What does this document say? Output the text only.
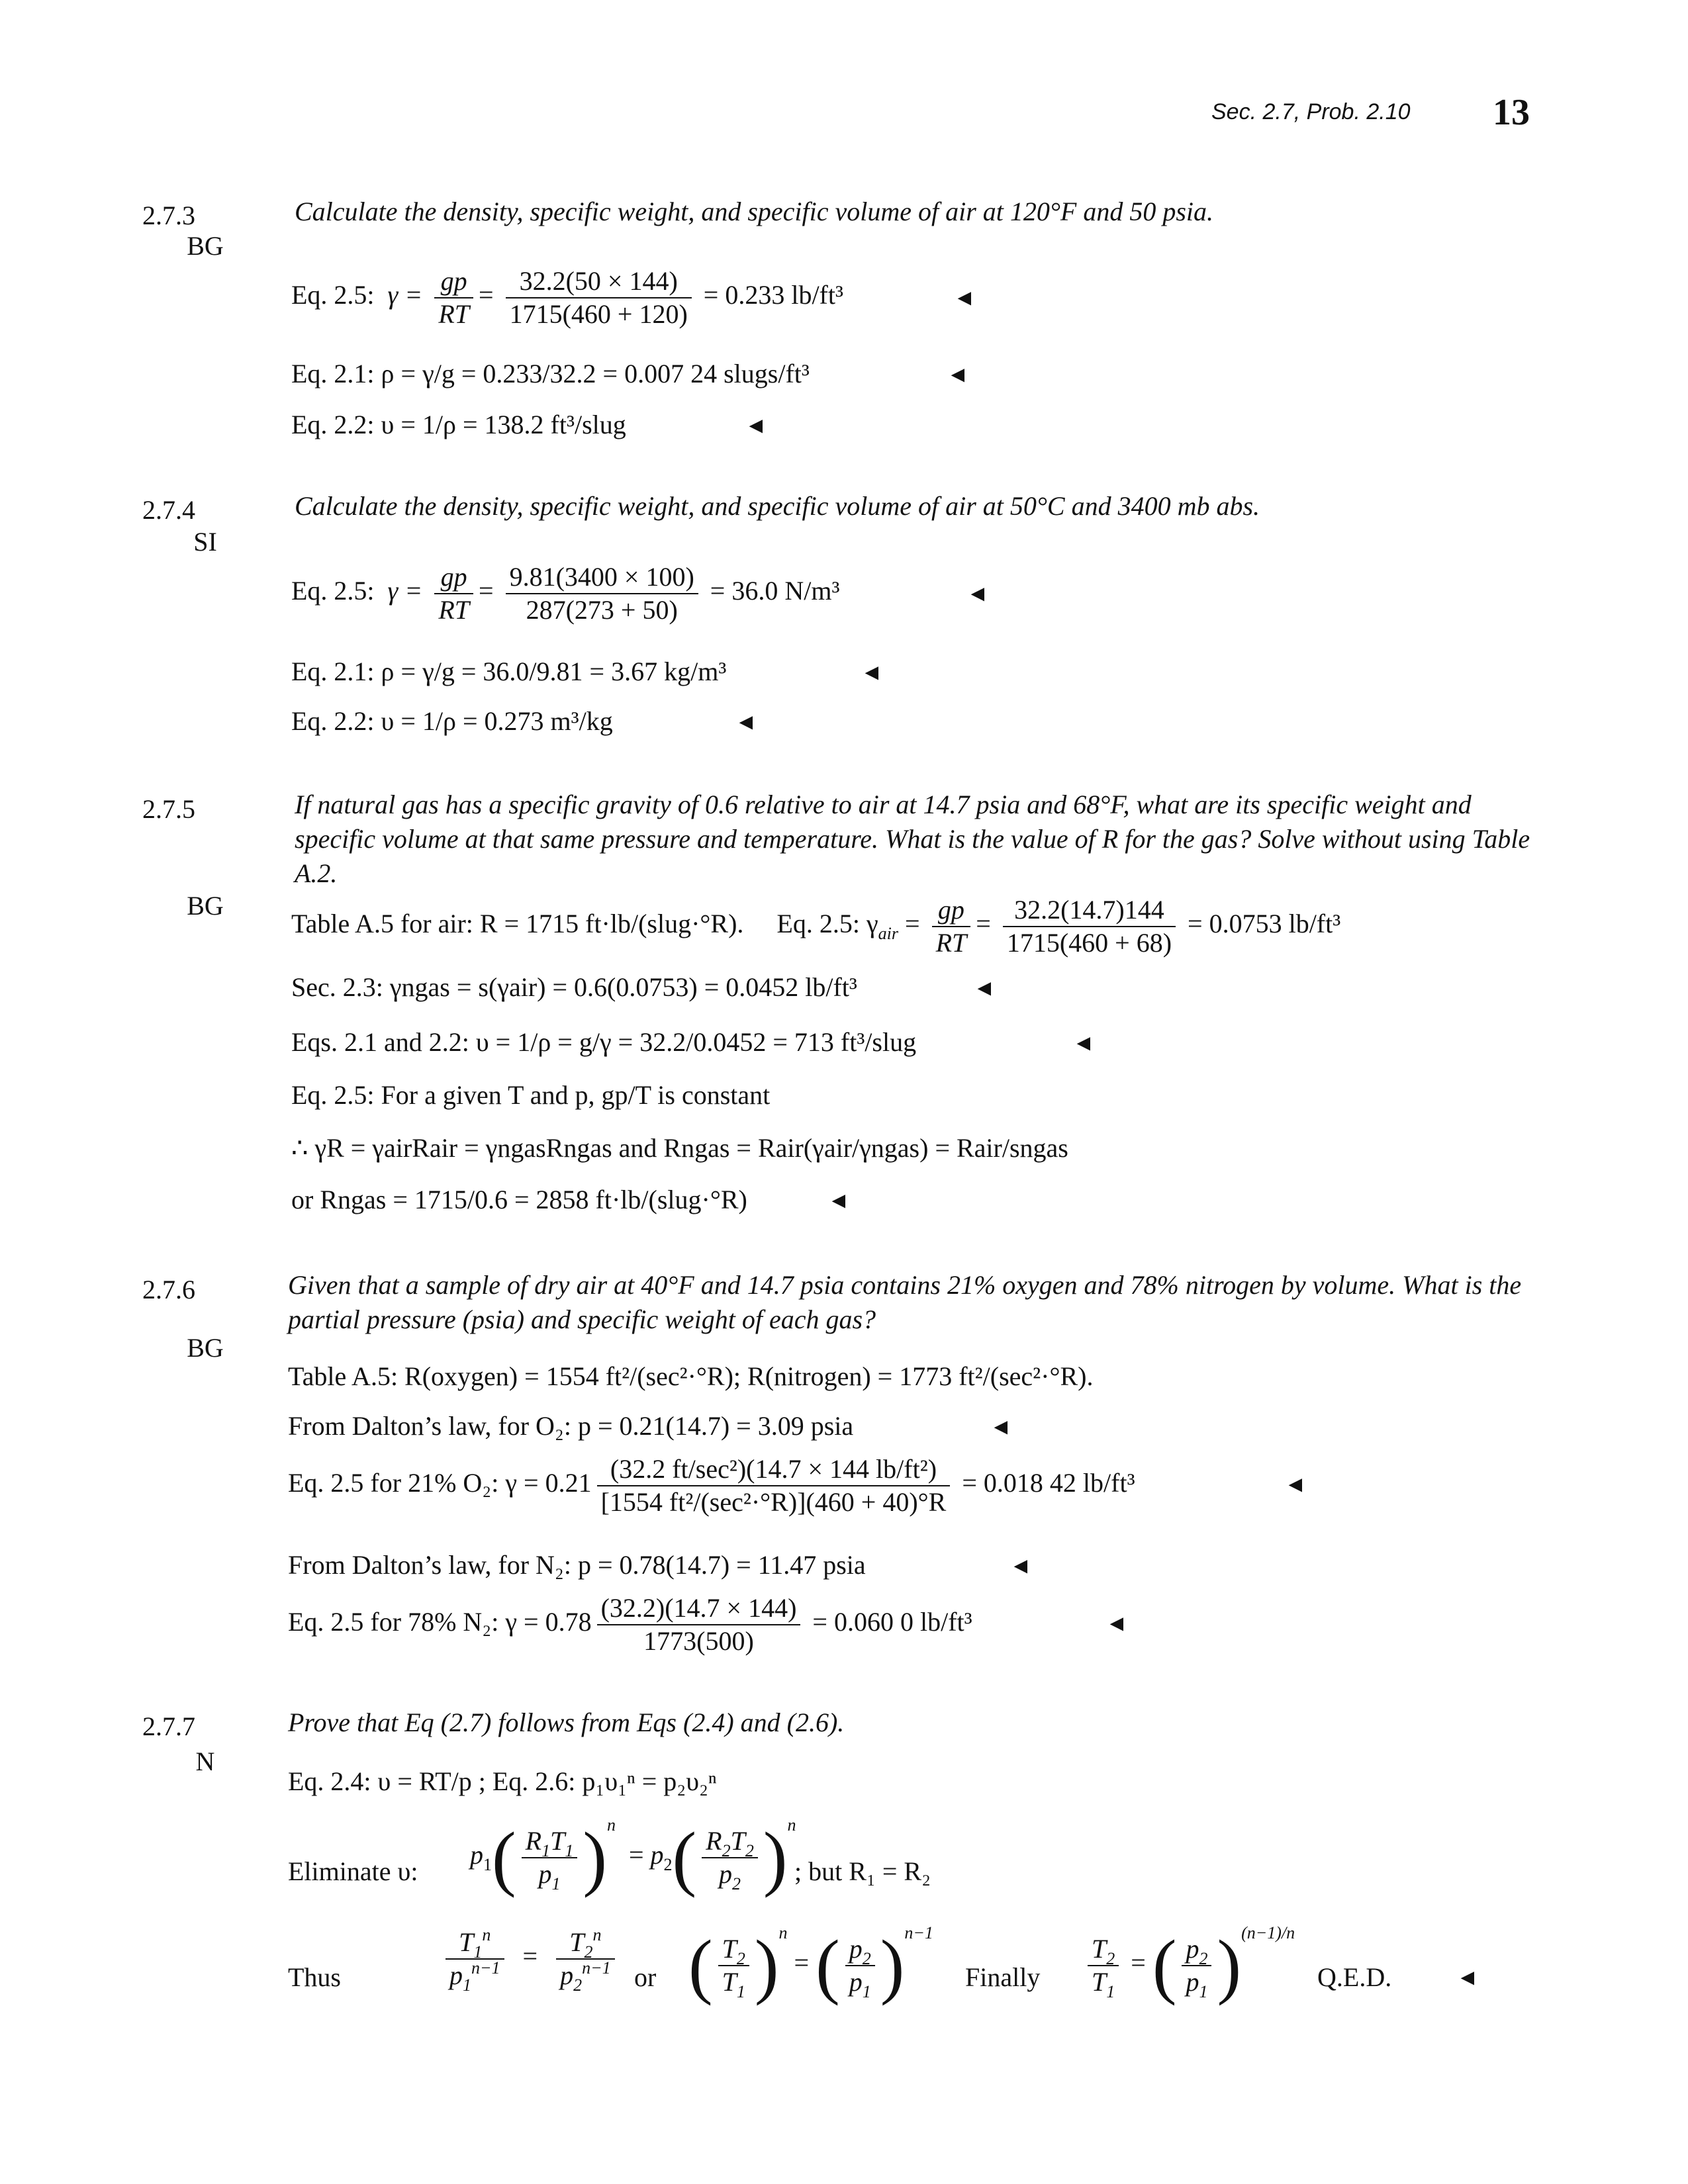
Sec. 2.7, Prob. 2.10 13
2.7.3
BG
Calculate the density, specific weight, and specific volume of air at 120°F and 50 psia.
Eq. 2.5: $\gamma = \frac{gp}{RT} = \frac{32.2(50 \times 144)}{1715(460 + 120)} = 0.233$ lb/ft³	◄
Eq. 2.1: ρ = γ/g = 0.233/32.2 = 0.007 24 slugs/ft³	◄
Eq. 2.2: υ = 1/ρ = 138.2 ft³/slug	◄
2.7.4
SI
Calculate the density, specific weight, and specific volume of air at 50°C and 3400 mb abs.
Eq. 2.5: $\gamma = \frac{gp}{RT} = \frac{9.81(3400 \times 100)}{287(273 + 50)} = 36.0$ N/m³	◄
Eq. 2.1: ρ = γ/g = 36.0/9.81 = 3.67 kg/m³	◄
Eq. 2.2: υ = 1/ρ = 0.273 m³/kg	◄
2.7.5
BG
If natural gas has a specific gravity of 0.6 relative to air at 14.7 psia and 68°F, what are its specific weight and specific volume at that same pressure and temperature. What is the value of R for the gas? Solve without using Table A.2.
Table A.5 for air: R = 1715 ft·lb/(slug·°R). Eq. 2.5: $\gamma_{air} = \frac{gp}{RT} = \frac{32.2(14.7)144}{1715(460 + 68)} = 0.0753$ lb/ft³
Sec. 2.3: γngas = s(γair) = 0.6(0.0753) = 0.0452 lb/ft³	◄
Eqs. 2.1 and 2.2: υ = 1/ρ = g/γ = 32.2/0.0452 = 713 ft³/slug	◄
Eq. 2.5: For a given T and p, gp/T is constant
∴ γR = γairRair = γngasRngas and Rngas = Rair(γair/γngas) = Rair/sngas
or Rngas = 1715/0.6 = 2858 ft·lb/(slug·°R)	◄
2.7.6
BG
Given that a sample of dry air at 40°F and 14.7 psia contains 21% oxygen and 78% nitrogen by volume. What is the partial pressure (psia) and specific weight of each gas?
Table A.5: R(oxygen) = 1554 ft²/(sec²·°R); R(nitrogen) = 1773 ft²/(sec²·°R).
From Dalton’s law, for O₂: p = 0.21(14.7) = 3.09 psia	◄
Eq. 2.5 for 21% O₂: $\gamma = 0.21 \frac{\text{(32.2 ft/sec²)(14.7 × 144 lb/ft²)}}{\text{[1554 ft²/(sec²·°R)](460 + 40)°R}} = 0.018$ 42 lb/ft³	◄
From Dalton’s law, for N₂: p = 0.78(14.7) = 11.47 psia	◄
Eq. 2.5 for 78% N₂: $\gamma = 0.78 \frac{(32.2)(14.7 \times 144)}{1773(500)} = 0.060$ 0 lb/ft³	◄
2.7.7
N
Prove that Eq (2.7) follows from Eqs (2.4) and (2.6).
Eq. 2.4: υ = RT/p ; Eq. 2.6: p₁υ₁ⁿ = p₂υ₂ⁿ
Eliminate υ:
$p_1( \frac{R_1T_1}{p_1} )^n = p_2( \frac{R_2T_2}{p_2} )^n$
; but R₁ = R₂
Thus	$\frac{T_1^n}{p_1^{n-1}} = \frac{T_2^n}{p_2^{n-1}}$ or ( $\frac{T_2}{T_1} )^n$ = ( $\frac{p_2}{p_1} )^{n-1}$
Finally $\frac{T_2}{T_1}$ = ( $\frac{p_2}{p_1} )^{(n-1)/n}$
Q.E.D.	◄
